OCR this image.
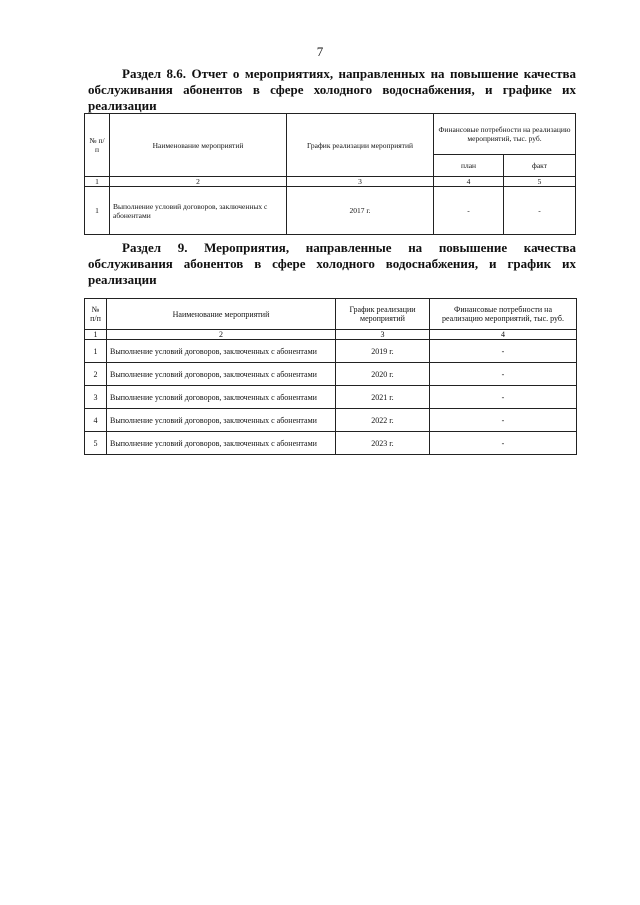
7
Раздел 8.6. Отчет о мероприятиях, направленных на повышение качества обслуживания абонентов в сфере холодного водоснабжения, и графике их реализации
№ п/п	Наименование мероприятий	График реализации мероприятий	Финансовые потребности на реализацию мероприятий, тыс. руб.	
			план	факт
1	2	3	4	5
1	Выполнение условий договоров, заключенных с абонентами	2017 г.	-	-
Раздел 9. Мероприятия, направленные на повышение качества обслуживания абонентов в сфере холодного водоснабжения, и график их реализации
№ п/п	Наименование мероприятий	График реализации мероприятий	Финансовые потребности на реализацию мероприятий, тыс. руб.
1	2	3	4
1	Выполнение условий договоров, заключенных с абонентами	2019 г.	-
2	Выполнение условий договоров, заключенных с абонентами	2020 г.	-
3	Выполнение условий договоров, заключенных с абонентами	2021 г.	-
4	Выполнение условий договоров, заключенных с абонентами	2022 г.	-
5	Выполнение условий договоров, заключенных с абонентами	2023 г.	-
